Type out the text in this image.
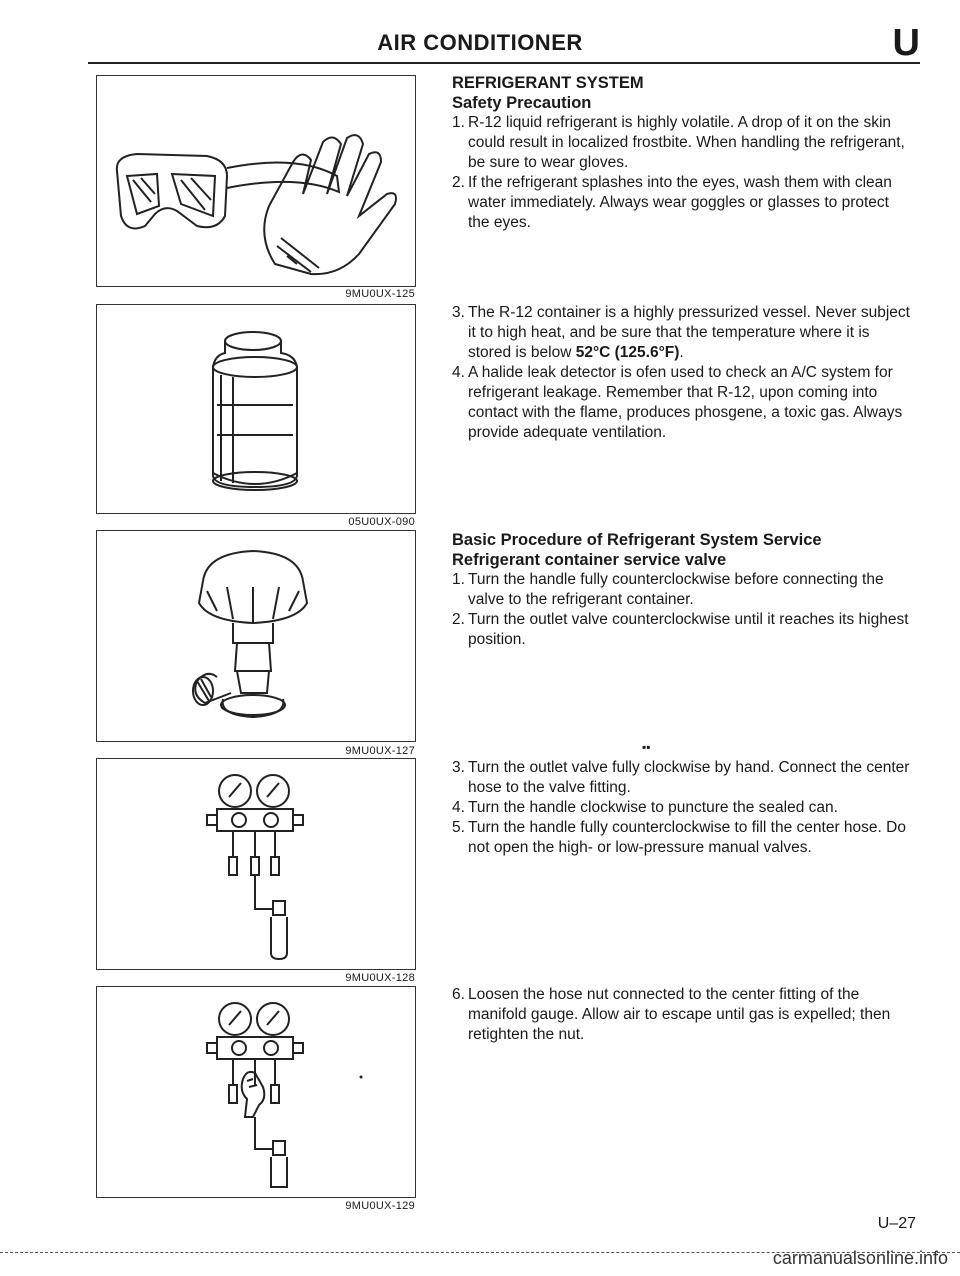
AIR CONDITIONER	U
9MU0UX-125
05U0UX-090
9MU0UX-127
9MU0UX-128
9MU0UX-129
REFRIGERANT SYSTEM
Safety Precaution
1. R-12 liquid refrigerant is highly volatile. A drop of it on the skin could result in localized frostbite. When handling the refrigerant, be sure to wear gloves.
2. If the refrigerant splashes into the eyes, wash them with clean water immediately. Always wear goggles or glasses to protect the eyes.
3. The R-12 container is a highly pressurized vessel. Never subject it to high heat, and be sure that the temperature where it is stored is below 52°C (125.6°F).
4. A halide leak detector is ofen used to check an A/C system for refrigerant leakage. Remember that R-12, upon coming into contact with the flame, produces phosgene, a toxic gas. Always provide adequate ventilation.
Basic Procedure of Refrigerant System Service
Refrigerant container service valve
1. Turn the handle fully counterclockwise before connecting the valve to the refrigerant container.
2. Turn the outlet valve counterclockwise until it reaches its highest position.
▪▪
3. Turn the outlet valve fully clockwise by hand. Connect the center hose to the valve fitting.
4. Turn the handle clockwise to puncture the sealed can.
5. Turn the handle fully counterclockwise to fill the center hose. Do not open the high- or low-pressure manual valves.
6. Loosen the hose nut connected to the center fitting of the manifold gauge. Allow air to escape until gas is expelled; then retighten the nut.
U–27
carmanualsonline.info
